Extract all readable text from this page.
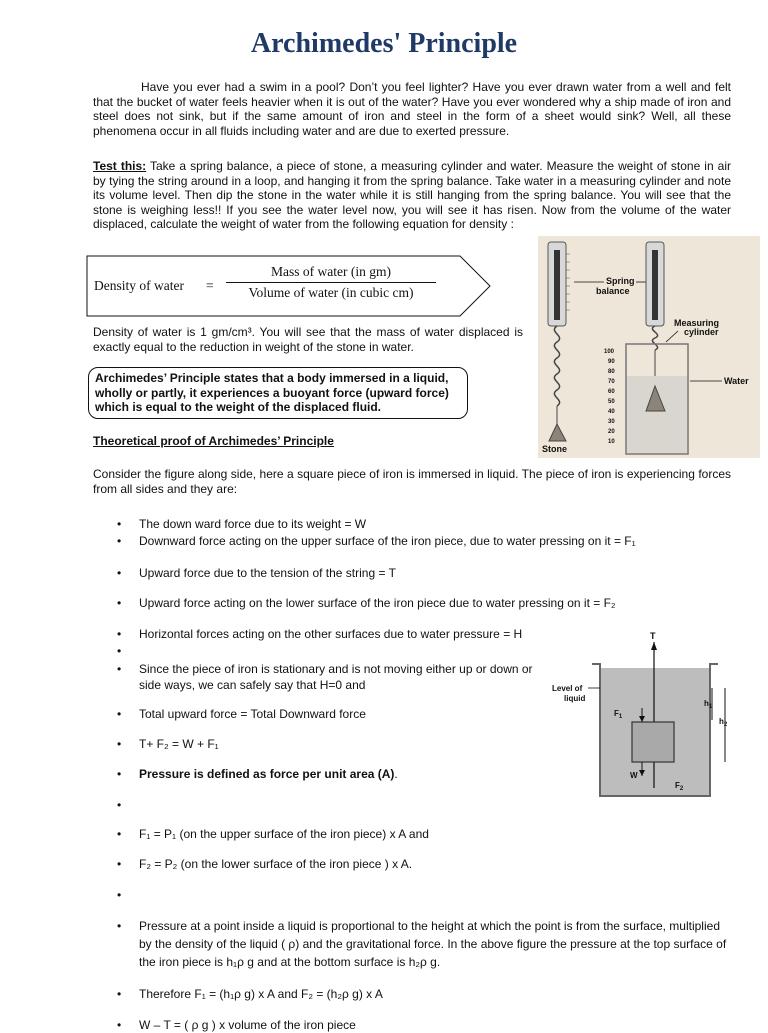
Archimedes' Principle

Have you ever had a swim in a pool? Don’t you feel lighter? Have you ever drawn water from a well and felt that the bucket of water feels heavier when it is out of the water? Have you ever wondered why a ship made of iron and steel does not sink, but if the same amount of iron and steel in the form of a sheet would sink? Well, all these phenomena occur in all fluids including water and are due to exerted pressure.

Test this: Take a spring balance, a piece of stone, a measuring cylinder and water. Measure the weight of stone in air by tying the string around in a loop, and hanging it from the spring balance. Take water in a measuring cylinder and note its volume level. Then dip the stone in the water while it is still hanging from the spring balance. You will see that the stone is weighing less!! If you see the water level now, you will see it has risen. Now from the volume of the water displaced, calculate the weight of water from the following equation for density :

Density of water =
Mass of water (in gm)
Volume of water (in cubic cm)

Density of water is 1 gm/cm³. You will see that the mass of water displaced is exactly equal to the reduction in weight of the stone in water.

Archimedes’ Principle states that a body immersed in a liquid, wholly or partly, it experiences a buoyant force (upward force) which is equal to the weight of the displaced fluid.
Theoretical proof of Archimedes’ Principle

Consider the figure along side, here a square piece of iron is immersed in liquid. The piece of iron is experiencing forces from all sides and they are:

Spring
balance
100
90
80
70
60
50
40
30
20
10
Measuring
cylinder
Water
Stone
T
$F_1$
W
$F_2$
Level of
liquid
$h_1$
$h_2$
• The down ward force due to its weight = W
• Downward force acting on the upper surface of the iron piece, due to water pressing on it = F₁
• Upward force due to the tension of the string = T
• Upward force acting on the lower surface of the iron piece due to water pressing on it = F₂
• Horizontal forces acting on the other surfaces due to water pressure = H
• Since the piece of iron is stationary and is not moving either up or down or side ways, we can safely say that H=0 and
• Total upward force = Total Downward force
• T+ F₂ = W + F₁
• Pressure is defined as force per unit area (A).
• F₁ = P₁ (on the upper surface of the iron piece) x A and
• F₂ = P₂ (on the lower surface of the iron piece ) x A.
• Pressure at a point inside a liquid is proportional to the height at which the point is from the surface, multiplied by the density of the liquid ( ρ) and the gravitational force. In the above figure the pressure at the top surface of the iron piece is h₁ρ g and at the bottom surface is h₂ρ g.
• Therefore F₁ = (h₁ρ g) x A and F₂ = (h₂ρ g) x A
• W – T = ( ρ g ) x volume of the iron piece
